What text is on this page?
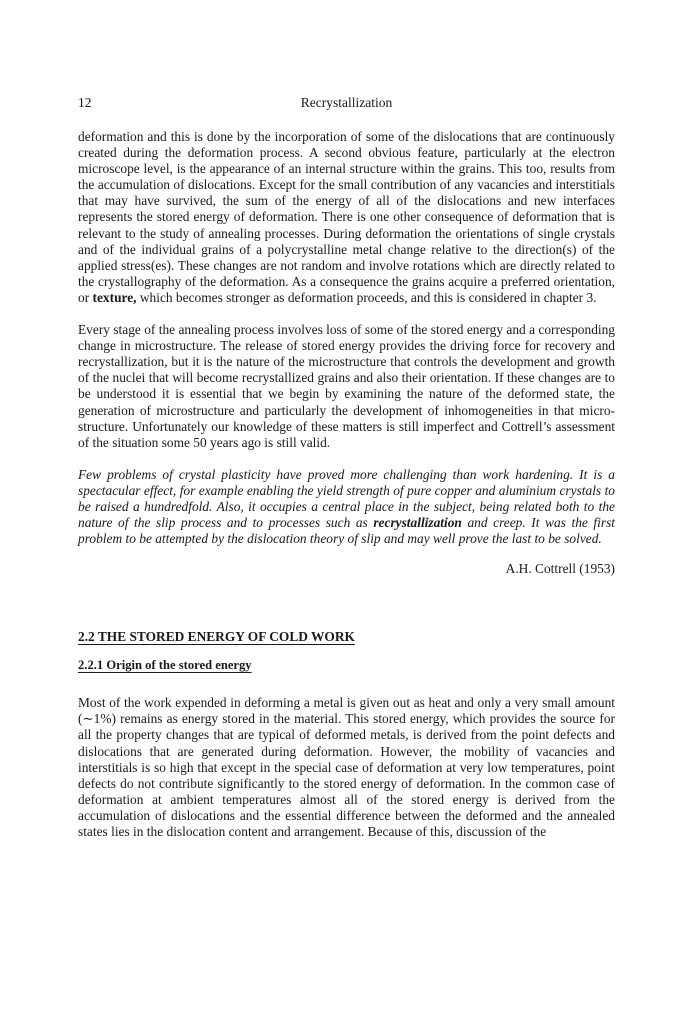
12	Recrystallization

deformation and this is done by the incorporation of some of the dislocations that are continuously created during the deformation process. A second obvious feature, particularly at the electron microscope level, is the appearance of an internal structure within the grains. This too, results from the accumulation of dislocations. Except for the small contribution of any vacancies and interstitials that may have survived, the sum of the energy of all of the dislocations and new interfaces represents the stored energy of deformation. There is one other consequence of deformation that is relevant to the study of annealing processes. During deformation the orientations of single crystals and of the individual grains of a polycrystalline metal change relative to the direction(s) of the applied stress(es). These changes are not random and involve rotations which are directly related to the crystallography of the deformation. As a consequence the grains acquire a preferred orientation, or texture, which becomes stronger as deformation proceeds, and this is considered in chapter 3.

Every stage of the annealing process involves loss of some of the stored energy and a corresponding change in microstructure. The release of stored energy provides the driving force for recovery and recrystallization, but it is the nature of the microstructure that controls the development and growth of the nuclei that will become recrystallized grains and also their orientation. If these changes are to be understood it is essential that we begin by examining the nature of the deformed state, the generation of microstructure and particularly the development of inhomogeneities in that micro-structure. Unfortunately our knowledge of these matters is still imperfect and Cottrell’s assessment of the situation some 50 years ago is still valid.

Few problems of crystal plasticity have proved more challenging than work hardening. It is a spectacular effect, for example enabling the yield strength of pure copper and aluminium crystals to be raised a hundredfold. Also, it occupies a central place in the subject, being related both to the nature of the slip process and to processes such as recrystallization and creep. It was the first problem to be attempted by the dislocation theory of slip and may well prove the last to be solved.

A.H. Cottrell (1953)
2.2 THE STORED ENERGY OF COLD WORK
2.2.1 Origin of the stored energy

Most of the work expended in deforming a metal is given out as heat and only a very small amount (∼1%) remains as energy stored in the material. This stored energy, which provides the source for all the property changes that are typical of deformed metals, is derived from the point defects and dislocations that are generated during deformation. However, the mobility of vacancies and interstitials is so high that except in the special case of deformation at very low temperatures, point defects do not contribute significantly to the stored energy of deformation. In the common case of deformation at ambient temperatures almost all of the stored energy is derived from the accumulation of dislocations and the essential difference between the deformed and the annealed states lies in the dislocation content and arrangement. Because of this, discussion of the
